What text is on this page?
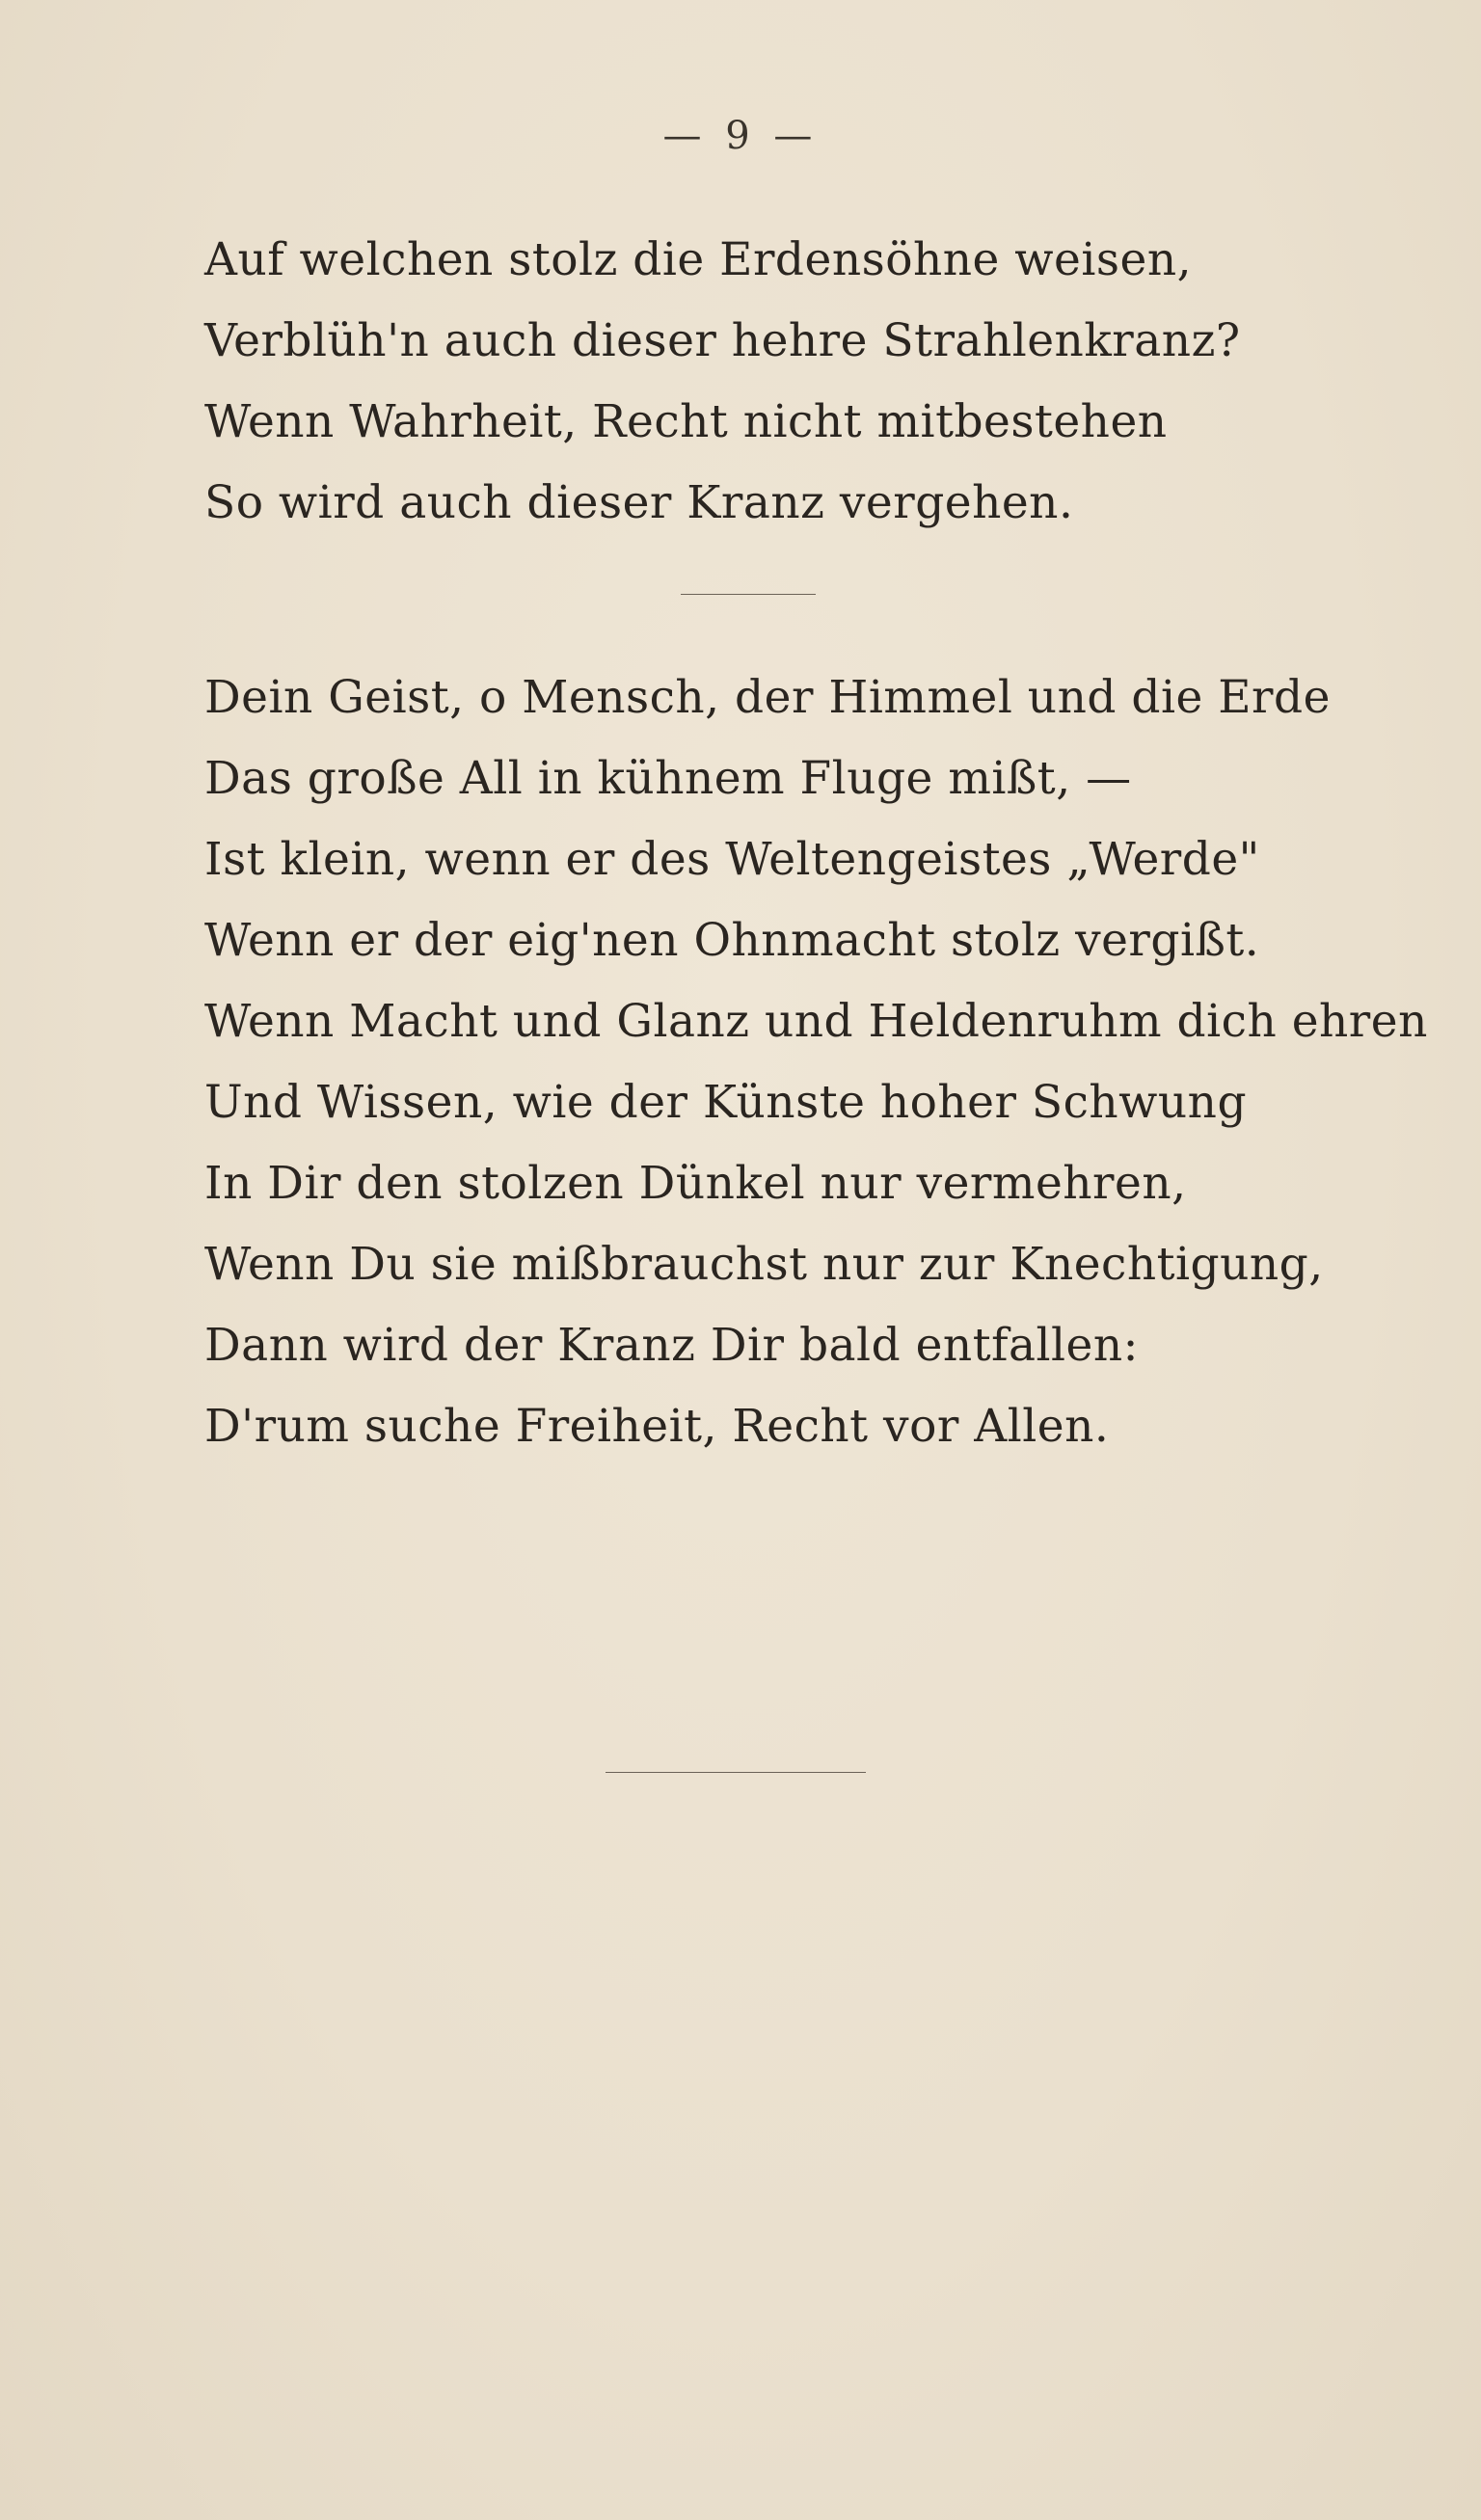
— 9 —
Auf welchen stolz die Erdensöhne weisen,
Verblüh'n auch dieser hehre Strahlenkranz?
Wenn Wahrheit, Recht nicht mitbestehen
So wird auch dieser Kranz vergehen.
Dein Geist, o Mensch, der Himmel und die Erde
Das große All in kühnem Fluge mißt, —
Ist klein, wenn er des Weltengeistes „Werde"
Wenn er der eig'nen Ohnmacht stolz vergißt.
Wenn Macht und Glanz und Heldenruhm dich ehren
Und Wissen, wie der Künste hoher Schwung
In Dir den stolzen Dünkel nur vermehren,
Wenn Du sie mißbrauchst nur zur Knechtigung,
Dann wird der Kranz Dir bald entfallen:
D'rum suche Freiheit, Recht vor Allen.
